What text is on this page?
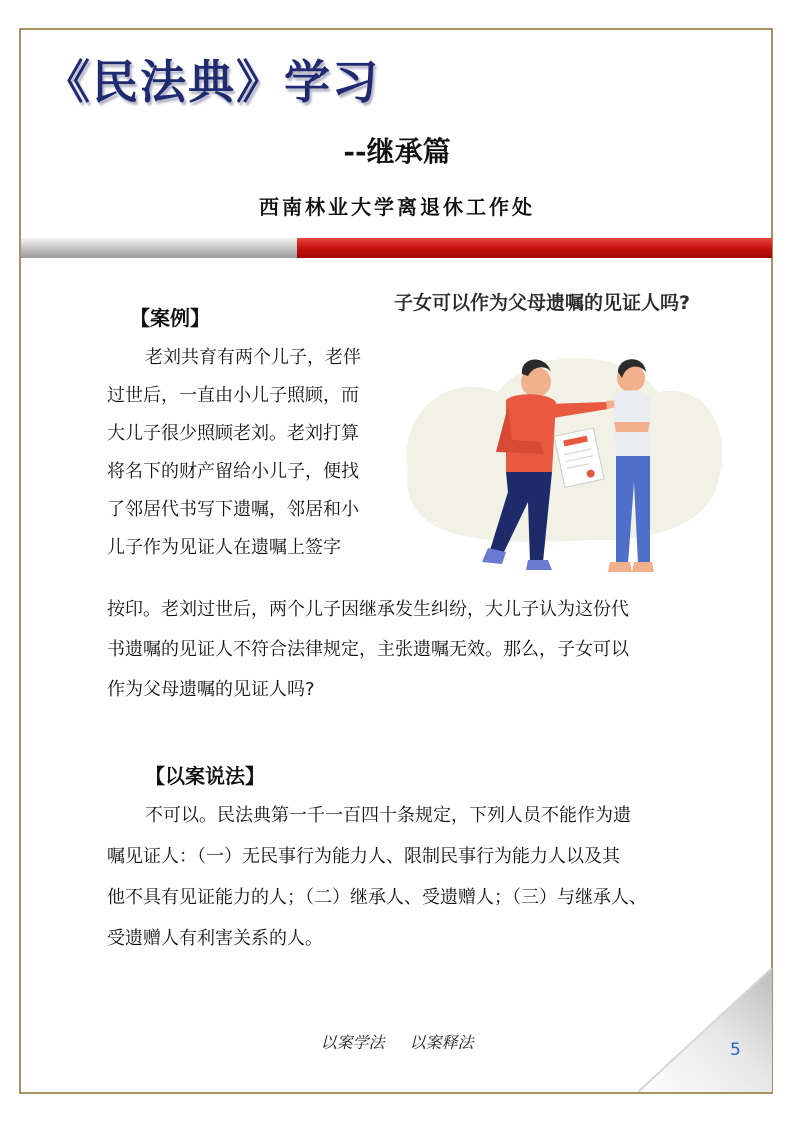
《民法典》学习
--继承篇
西南林业大学离退休工作处
【案例】

老刘共育有两个儿子，老伴

过世后，一直由小儿子照顾，而

大儿子很少照顾老刘。老刘打算

将名下的财产留给小儿子，便找

了邻居代书写下遗嘱，邻居和小

儿子作为见证人在遗嘱上签字

按印。老刘过世后，两个儿子因继承发生纠纷，大儿子认为这份代

书遗嘱的见证人不符合法律规定，主张遗嘱无效。那么，子女可以

作为父母遗嘱的见证人吗?

子女可以作为父母遗嘱的见证人吗?
【以案说法】

不可以。民法典第一千一百四十条规定，下列人员不能作为遗

嘱见证人：（一）无民事行为能力人、限制民事行为能力人以及其

他不具有见证能力的人；（二）继承人、受遗赠人；（三）与继承人、

受遗赠人有利害关系的人。

以案学法 以案释法	5
